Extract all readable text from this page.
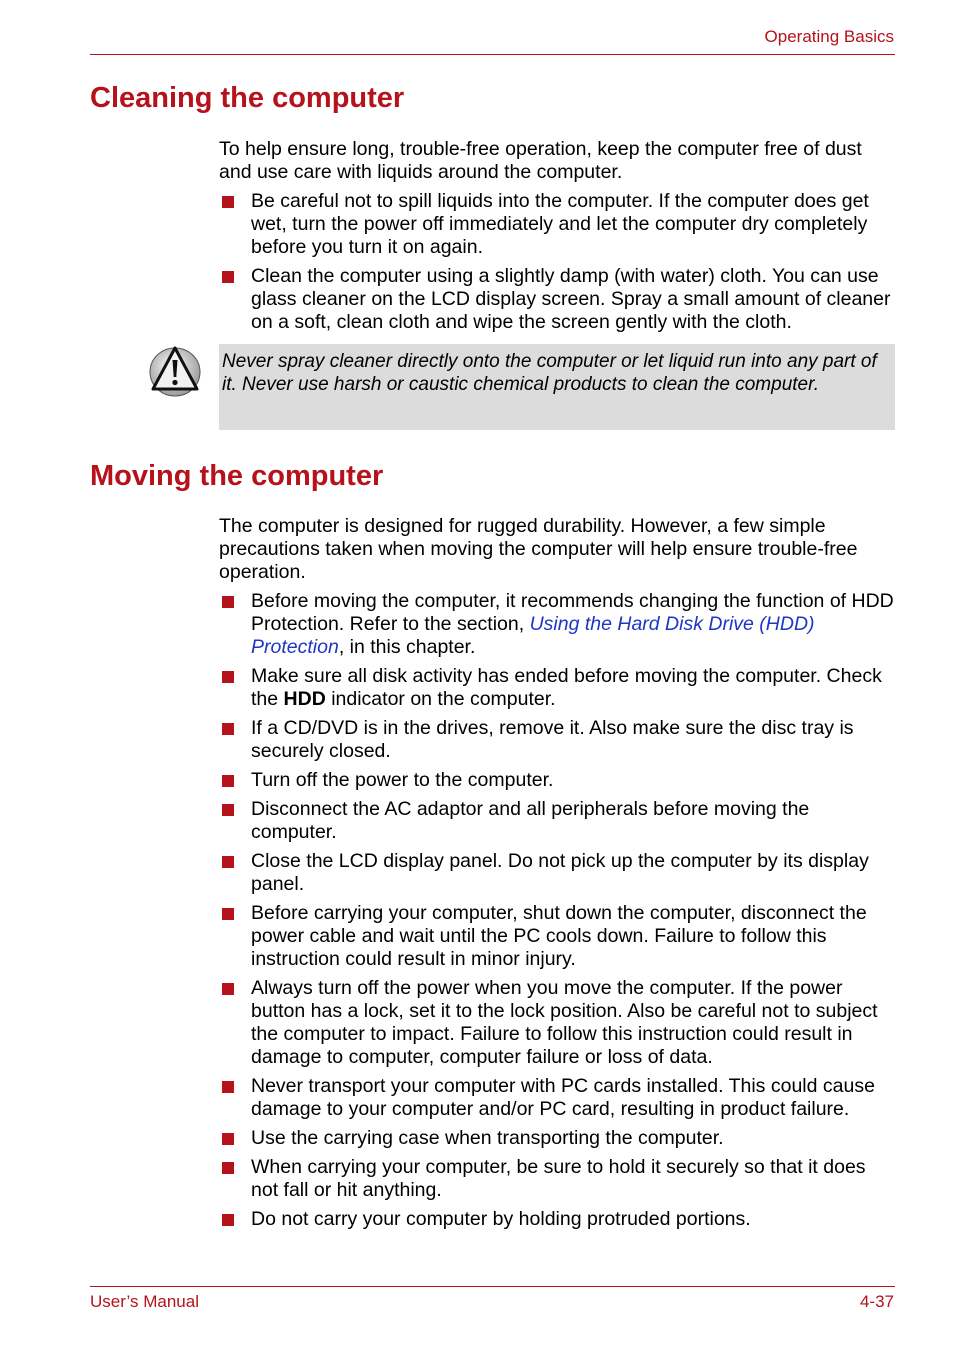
Operating Basics
Cleaning the computer

To help ensure long, trouble-free operation, keep the computer free of dust and use care with liquids around the computer.

Be careful not to spill liquids into the computer. If the computer does get wet, turn the power off immediately and let the computer dry completely before you turn it on again.
Clean the computer using a slightly damp (with water) cloth. You can use glass cleaner on the LCD display screen. Spray a small amount of cleaner on a soft, clean cloth and wipe the screen gently with the cloth.
Never spray cleaner directly onto the computer or let liquid run into any part of it. Never use harsh or caustic chemical products to clean the computer.
Moving the computer

The computer is designed for rugged durability. However, a few simple precautions taken when moving the computer will help ensure trouble-free operation.

Before moving the computer, it recommends changing the function of HDD Protection. Refer to the section, Using the Hard Disk Drive (HDD) Protection, in this chapter.
Make sure all disk activity has ended before moving the computer. Check the HDD indicator on the computer.
If a CD/DVD is in the drives, remove it. Also make sure the disc tray is securely closed.
Turn off the power to the computer.
Disconnect the AC adaptor and all peripherals before moving the computer.
Close the LCD display panel. Do not pick up the computer by its display panel.
Before carrying your computer, shut down the computer, disconnect the power cable and wait until the PC cools down. Failure to follow this instruction could result in minor injury.
Always turn off the power when you move the computer. If the power button has a lock, set it to the lock position. Also be careful not to subject the computer to impact. Failure to follow this instruction could result in damage to computer, computer failure or loss of data.
Never transport your computer with PC cards installed. This could cause damage to your computer and/or PC card, resulting in product failure.
Use the carrying case when transporting the computer.
When carrying your computer, be sure to hold it securely so that it does not fall or hit anything.
Do not carry your computer by holding protruded portions.
User’s Manual	4-37
